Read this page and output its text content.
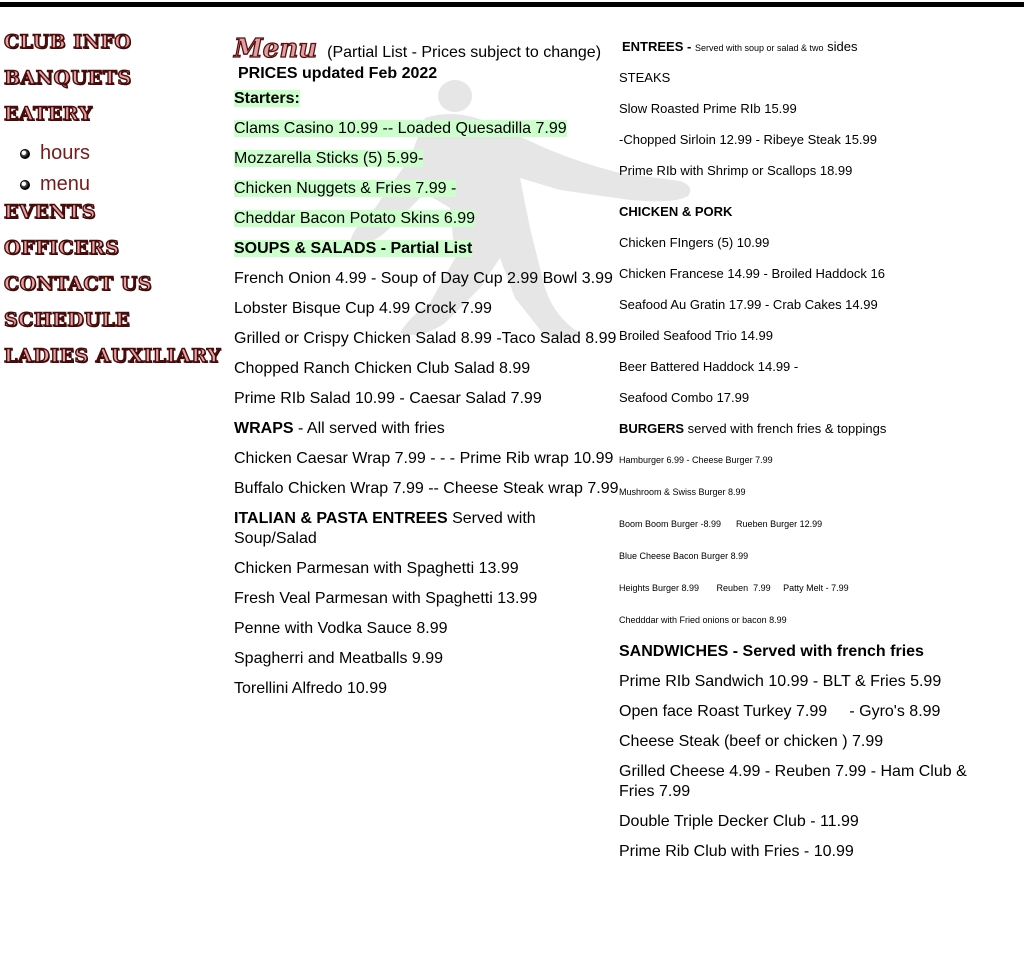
CLUB INFO
BANQUETS
EATERY
hours
menu
EVENTS
OFFICERS
CONTACT US
SCHEDULE
LADIES AUXILIARY
Menu (Partial List - Prices subject to change)
PRICES updated Feb 2022
Starters:
Clams Casino 10.99 -- Loaded Quesadilla 7.99
Mozzarella Sticks (5) 5.99-
Chicken Nuggets & Fries 7.99 -
Cheddar Bacon Potato Skins 6.99
SOUPS & SALADS - Partial List
French Onion 4.99 - Soup of Day Cup 2.99 Bowl 3.99
Lobster Bisque Cup 4.99 Crock 7.99
Grilled or Crispy Chicken Salad 8.99 -Taco Salad 8.99
Chopped Ranch Chicken Club Salad 8.99
Prime RIb Salad 10.99 - Caesar Salad 7.99
WRAPS - All served with fries
Chicken Caesar Wrap 7.99 - - - Prime Rib wrap 10.99
Buffalo Chicken Wrap 7.99 -- Cheese Steak wrap 7.99
ITALIAN & PASTA ENTREES Served with Soup/Salad
Chicken Parmesan with Spaghetti 13.99
Fresh Veal Parmesan with Spaghetti 13.99
Penne with Vodka Sauce 8.99
Spagherri and Meatballs 9.99
Torellini Alfredo 10.99
ENTREES - Served with soup or salad & two sides
STEAKS
Slow Roasted Prime RIb 15.99
-Chopped Sirloin 12.99 - Ribeye Steak 15.99
Prime RIb with Shrimp or Scallops 18.99
CHICKEN & PORK
Chicken FIngers (5) 10.99
Chicken Francese 14.99 - Broiled Haddock 16
Seafood Au Gratin 17.99 - Crab Cakes 14.99
Broiled Seafood Trio 14.99
Beer Battered Haddock 14.99 -
Seafood Combo 17.99
BURGERS served with french fries & toppings
Hamburger 6.99 - Cheese Burger 7.99
Mushroom & Swiss Burger 8.99
Boom Boom Burger -8.99      Rueben Burger 12.99
Blue Cheese Bacon Burger 8.99
Heights Burger 8.99       Reuben  7.99     Patty Melt - 7.99
Chedddar with Fried onions or bacon 8.99
SANDWICHES - Served with french fries
Prime RIb Sandwich 10.99 - BLT & Fries 5.99
Open face Roast Turkey 7.99     - Gyro's 8.99
Cheese Steak (beef or chicken ) 7.99
Grilled Cheese 4.99 - Reuben 7.99 - Ham Club & Fries 7.99
Double Triple Decker Club - 11.99
Prime Rib Club with Fries - 10.99
